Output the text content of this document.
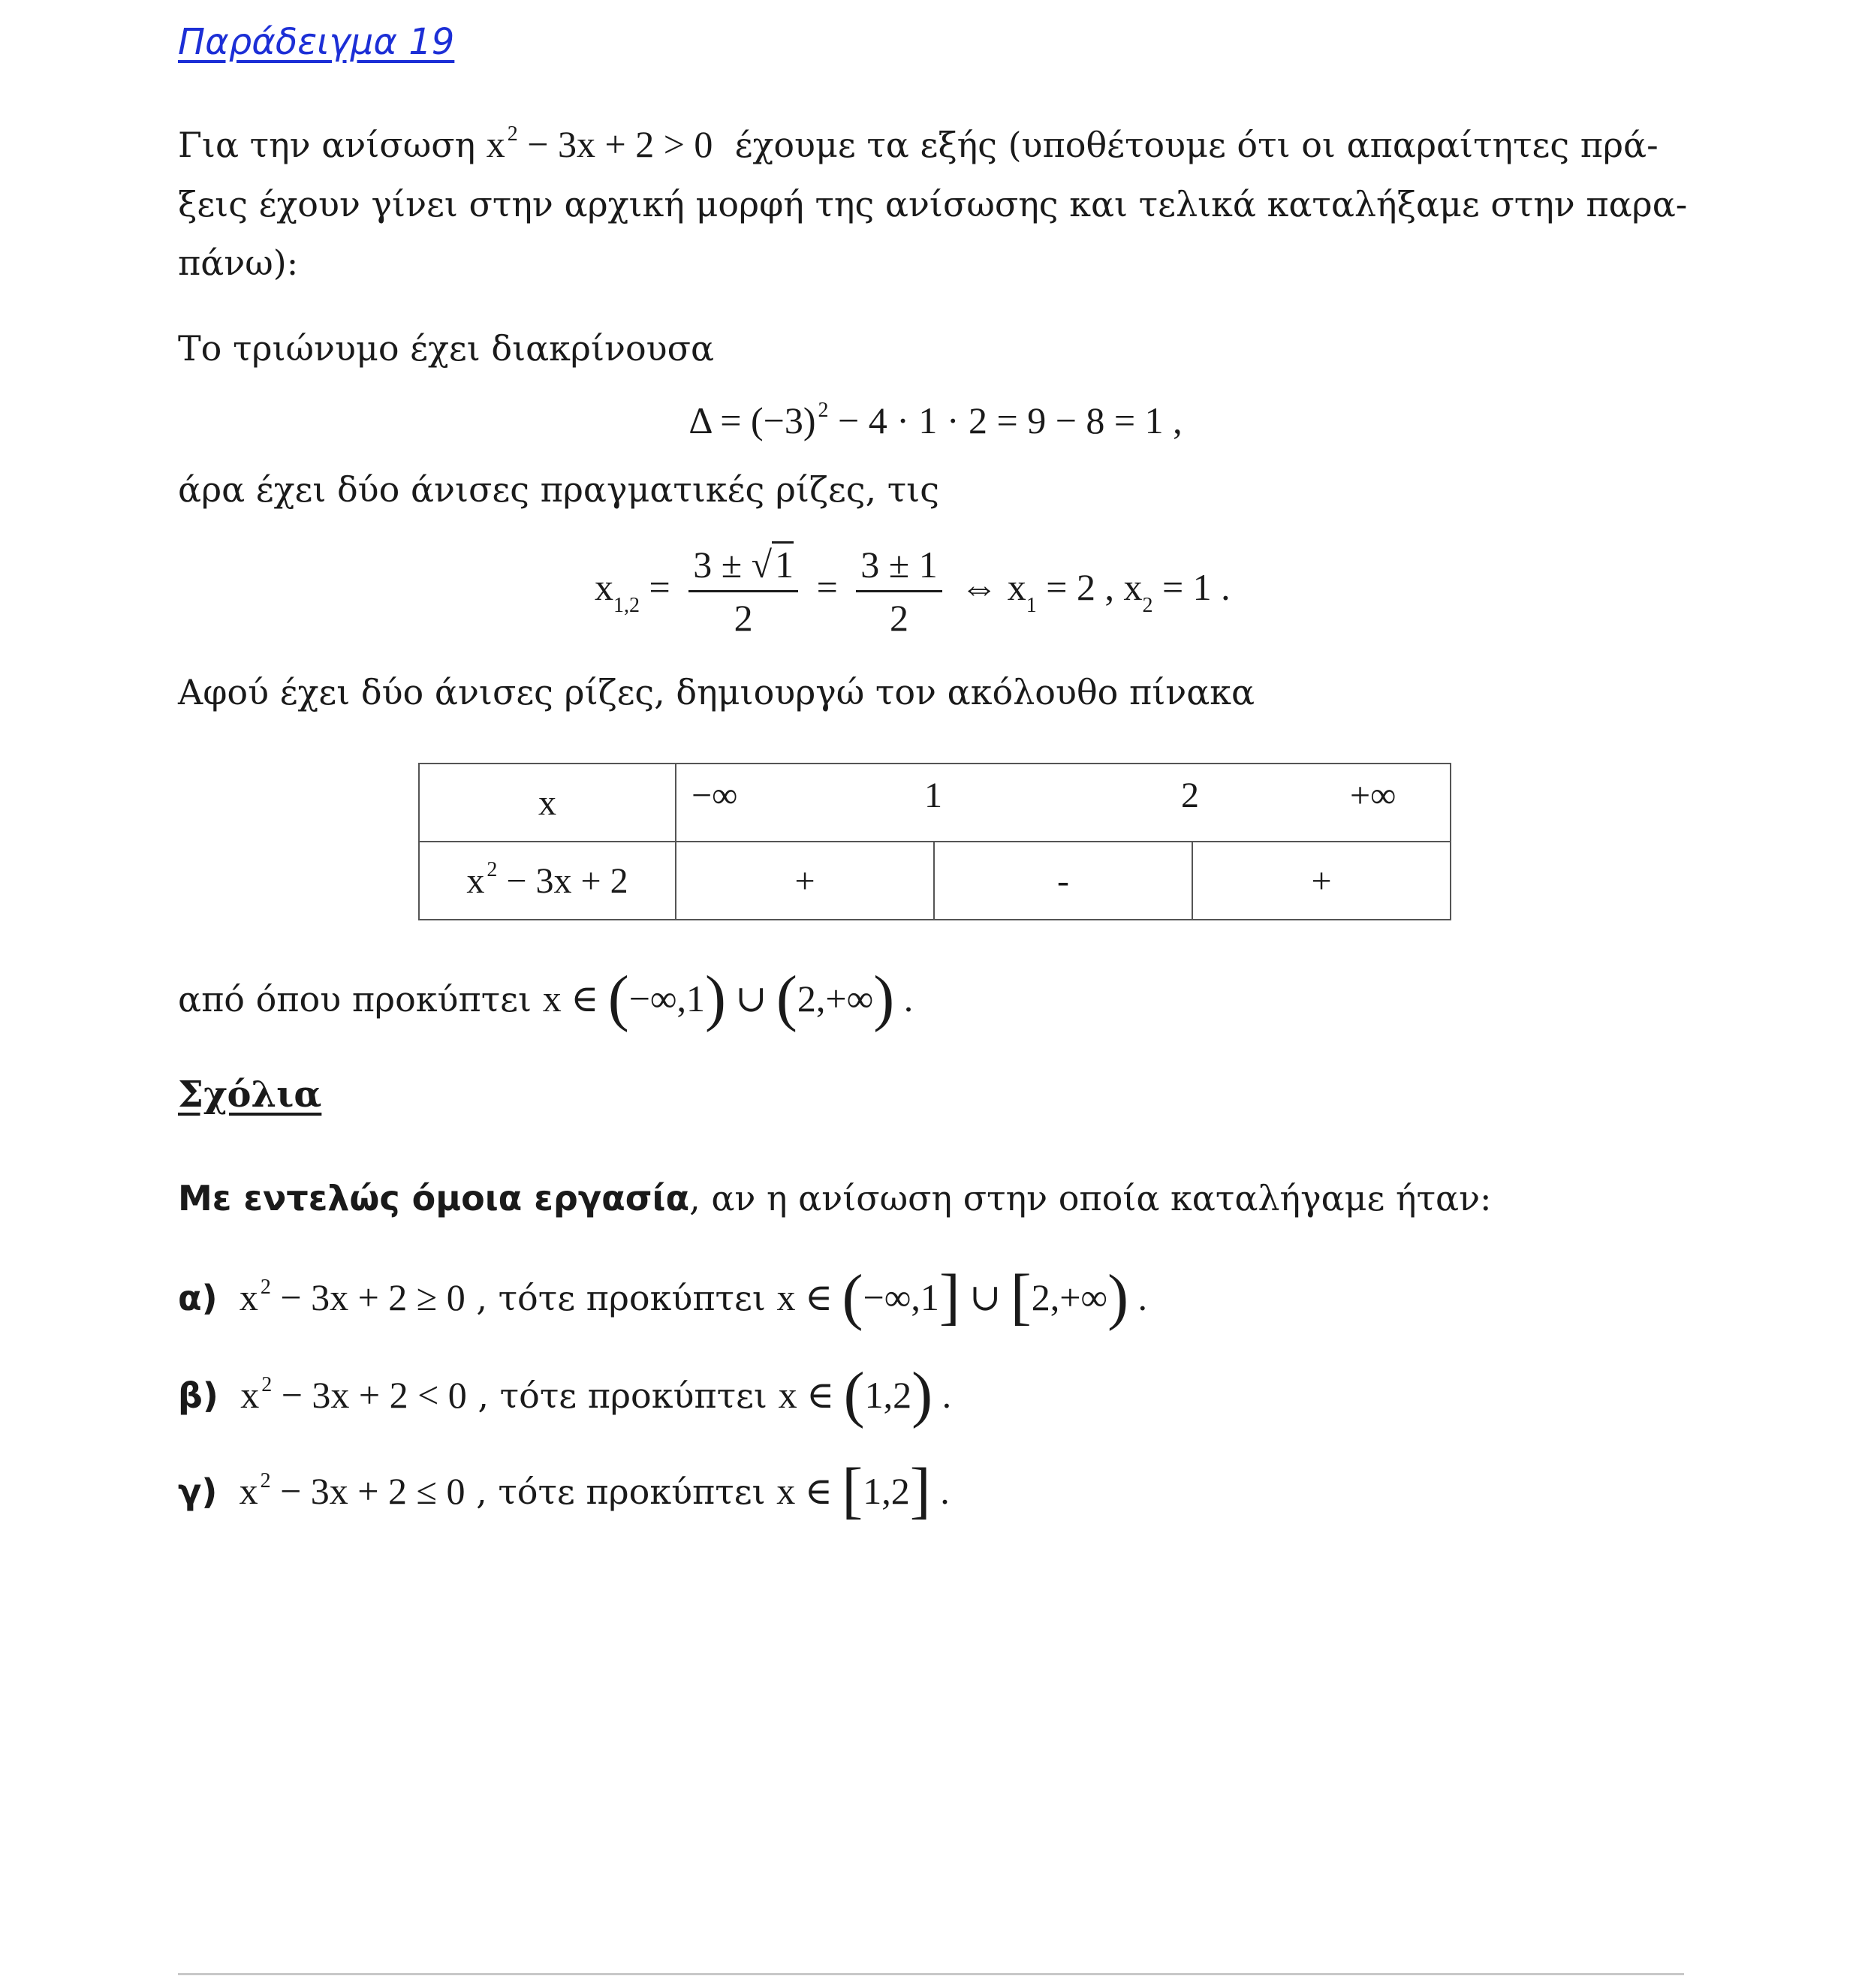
Παράδειγμα 19
Για την ανίσωση x $^2$ − 3x + 2 > 0  έχουμε τα εξής (υποθέτουμε ότι οι απαραίτητες πρά-
ξεις έχουν γίνει στην αρχική μορφή της ανίσωσης και τελικά καταλήξαμε στην παρα-
πάνω):
Το τριώνυμο έχει διακρίνουσα
Δ = (−3) $^2$ − 4 · 1 · 2 = 9 − 8 = 1 ,
άρα έχει δύο άνισες πραγματικές ρίζες, τις
$x_{1,2} = \frac{3 \pm √1}{2} = \frac{3 \pm 1}{2}$ ⇔ $x_1 = 2$ , $x_2 = 1$ .
Αφού έχει δύο άνισες ρίζες, δημιουργώ τον ακόλουθο πίνακα
x	−∞ 1 2 +∞		

x $^2$ − 3x + 2	+	-	+
από όπου προκύπτει x ∈ (−∞,1) ∪ (2,+∞) .
Σχόλια
Με εντελώς όμοια εργασία, αν η ανίσωση στην οποία καταλήγαμε ήταν:
α) x $^2$ − 3x + 2 ≥ 0 , τότε προκύπτει x ∈ (−∞,1] ∪ [2,+∞) .
β) x $^2$ − 3x + 2 < 0 , τότε προκύπτει x ∈ (1,2) .
γ) x $^2$ − 3x + 2 ≤ 0 , τότε προκύπτει x ∈ [1,2] .
